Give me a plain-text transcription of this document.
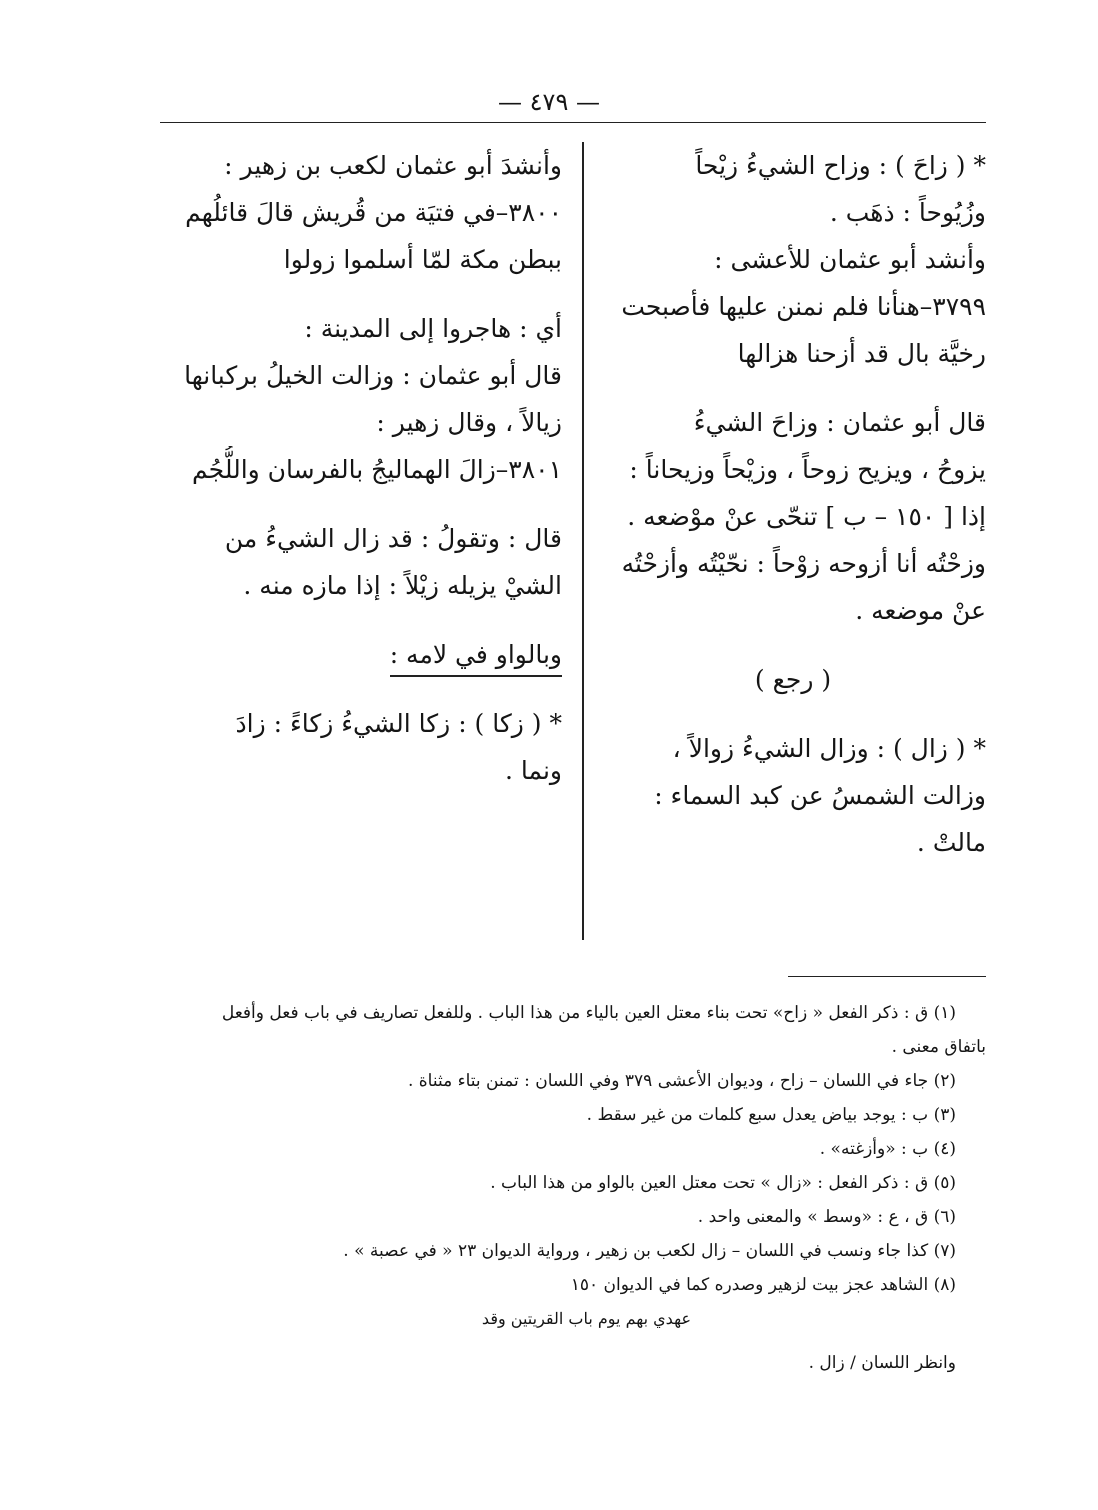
— ٤٧٩ —
* ( زاحَ ) : وزاح الشيءُ زيْحاً
وزُيُوحاً : ذهَب .
وأنشد أبو عثمان للأعشى :
٣٧٩٩–هنأنا فلم نمنن عليها فأصبحت
رخيَّة بال قد أزحنا هزالها
قال أبو عثمان : وزاحَ الشيءُ
يزوحُ ، ويزيح زوحاً ، وزيْحاً وزيحاناً :
إذا [ ١٥٠ – ب ] تنحّى عنْ موْضعه .
وزحْتُه أنا أزوحه زوْحاً : نحّيْتُه وأزحْتُه
عنْ موضعه .
( رجع )
* ( زال ) : وزال الشيءُ زوالاً ،
وزالت الشمسُ عن كبد السماء :
مالتْ .
وأنشدَ أبو عثمان لكعب بن زهير :
٣٨٠٠–في فتيَة من قُريش قالَ قائلُهم
ببطن مكة لمّا أسلموا زولوا
أي : هاجروا إلى المدينة :
قال أبو عثمان : وزالت الخيلُ بركبانها
زيالاً ، وقال زهير :
٣٨٠١–زالَ الهماليجُ بالفرسان واللُّجُم
قال : وتقولُ : قد زال الشيءُ من
الشيْ يزيله زيْلاً : إذا مازه منه .
وبالواو في لامه :
* ( زكا ) : زكا الشيءُ زكاءً : زادَ
ونما .
(١) ق : ذكر الفعل « زاح» تحت بناء معتل العين بالياء من هذا الباب . وللفعل تصاريف في باب فعل وأفعل
باتفاق معنى .
(٢) جاء في اللسان – زاح ، وديوان الأعشى ٣٧٩ وفي اللسان : تمنن بتاء مثناة .
(٣) ب : يوجد بياض يعدل سبع كلمات من غير سقط .
(٤) ب : «وأزغته» .
(٥) ق : ذكر الفعل : «زال » تحت معتل العين بالواو من هذا الباب .
(٦) ق ، ع : «وسط » والمعنى واحد .
(٧) كذا جاء ونسب في اللسان – زال لكعب بن زهير ، ورواية الديوان ٢٣ « في عصبة » .
(٨) الشاهد عجز بيت لزهير وصدره كما في الديوان ١٥٠
عهدي بهم يوم باب القريتين وقد
وانظر اللسان / زال .
